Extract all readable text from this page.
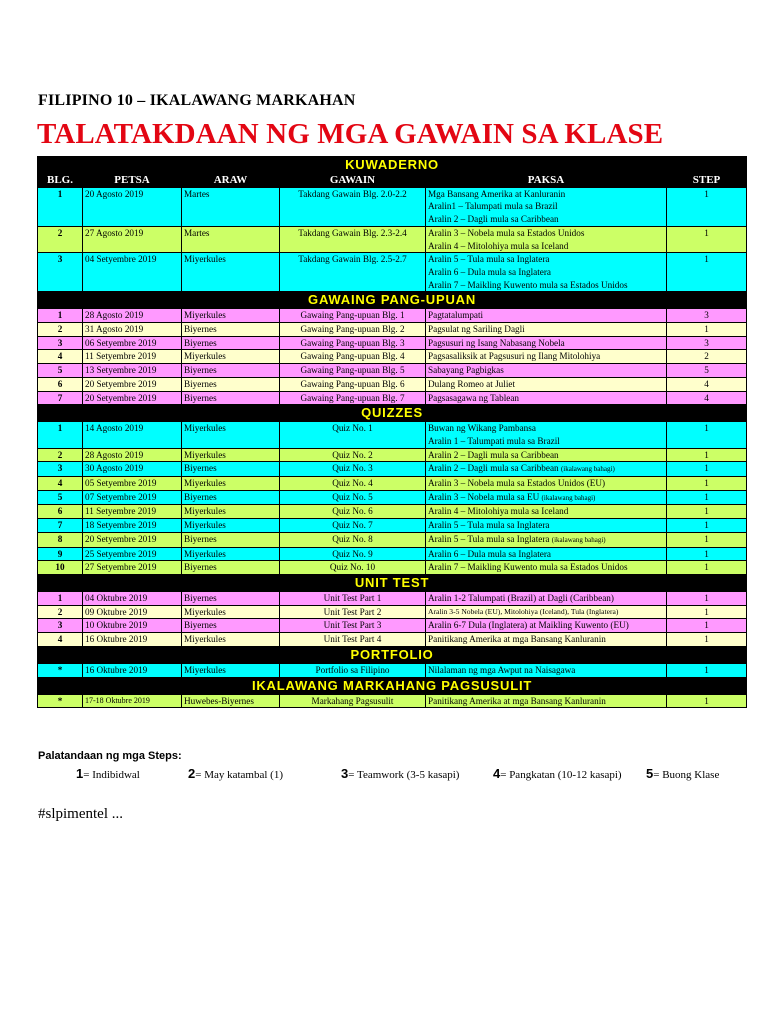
FILIPINO 10 – IKALAWANG MARKAHAN
TALATAKDAAN NG MGA GAWAIN SA KLASE
KUWADERNO					
BLG.	PETSA	ARAW	GAWAIN	PAKSA	STEP
1	20 Agosto 2019	Martes	Takdang Gawain Blg. 2.0-2.2	Mga Bansang Amerika at Kanluranin
Aralin1 – Talumpati mula sa Brazil
Aralin 2 – Dagli mula sa Caribbean	1
2	27 Agosto 2019	Martes	Takdang Gawain Blg. 2.3-2.4	Aralin 3 – Nobela mula sa Estados Unidos
Aralin 4 – Mitolohiya mula sa Iceland	1
3	04 Setyembre 2019	Miyerkules	Takdang Gawain Blg. 2.5-2.7	Aralin 5 – Tula mula sa Inglatera
Aralin 6 – Dula mula sa Inglatera
Aralin 7 – Maikling Kuwento mula sa Estados Unidos	1
GAWAING PANG-UPUAN					
1	28 Agosto 2019	Miyerkules	Gawaing Pang-upuan Blg. 1	Pagtatalumpati	3
2	31 Agosto 2019	Biyernes	Gawaing Pang-upuan Blg. 2	Pagsulat ng Sariling Dagli	1
3	06 Setyembre 2019	Biyernes	Gawaing Pang-upuan Blg. 3	Pagsusuri ng Isang Nabasang Nobela	3
4	11 Setyembre 2019	Miyerkules	Gawaing Pang-upuan Blg. 4	Pagsasaliksik at Pagsusuri ng Ilang Mitolohiya	2
5	13 Setyembre 2019	Biyernes	Gawaing Pang-upuan Blg. 5	Sabayang Pagbigkas	5
6	20 Setyembre 2019	Biyernes	Gawaing Pang-upuan Blg. 6	Dulang Romeo at Juliet	4
7	20 Setyembre 2019	Biyernes	Gawaing Pang-upuan Blg. 7	Pagsasagawa ng Tablean	4
QUIZZES					
1	14 Agosto 2019	Miyerkules	Quiz No. 1	Buwan ng Wikang Pambansa
Aralin 1 – Talumpati mula sa Brazil	1
2	28 Agosto 2019	Miyerkules	Quiz No. 2	Aralin 2 – Dagli mula sa Caribbean	1
3	30 Agosto 2019	Biyernes	Quiz No. 3	Aralin 2 – Dagli mula sa Caribbean (ikalawang bahagi)	1
4	05 Setyembre 2019	Miyerkules	Quiz No. 4	Aralin 3 – Nobela mula sa Estados Unidos (EU)	1
5	07 Setyembre 2019	Biyernes	Quiz No. 5	Aralin 3 – Nobela mula sa EU (ikalawang bahagi)	1
6	11 Setyembre 2019	Miyerkules	Quiz No. 6	Aralin 4 – Mitolohiya mula sa Iceland	1
7	18 Setyembre 2019	Miyerkules	Quiz No. 7	Aralin 5 – Tula mula sa Inglatera	1
8	20 Setyembre 2019	Biyernes	Quiz No. 8	Aralin 5 – Tula mula sa Inglatera (ikalawang bahagi)	1
9	25 Setyembre 2019	Miyerkules	Quiz No. 9	Aralin 6 – Dula mula sa Inglatera	1
10	27 Setyembre 2019	Biyernes	Quiz No. 10	Aralin 7 – Maikling Kuwento mula sa Estados Unidos	1
UNIT TEST					
1	04 Oktubre 2019	Biyernes	Unit Test Part 1	Aralin 1-2 Talumpati (Brazil) at Dagli (Caribbean)	1
2	09 Oktubre 2019	Miyerkules	Unit Test Part 2	Aralin 3-5 Nobela (EU), Mitolohiya (Iceland), Tula (Inglatera)	1
3	10 Oktubre 2019	Biyernes	Unit Test Part 3	Aralin 6-7 Dula (Inglatera) at Maikling Kuwento (EU)	1
4	16 Oktubre 2019	Miyerkules	Unit Test Part 4	Panitikang Amerika at mga Bansang Kanluranin	1
PORTFOLIO					
*	16 Oktubre 2019	Miyerkules	Portfolio sa Filipino	Nilalaman ng mga Awput na Naisagawa	1
IKALAWANG MARKAHANG PAGSUSULIT					
*	17-18 Oktubre 2019	Huwebes-Biyernes	Markahang Pagsusulit	Panitikang Amerika at mga Bansang Kanluranin	1
Palatandaan ng mga Steps:
1= Indibidwal	2= May katambal (1)	3= Teamwork (3-5 kasapi)	4= Pangkatan (10-12 kasapi) 5= Buong Klase
#slpimentel ...
